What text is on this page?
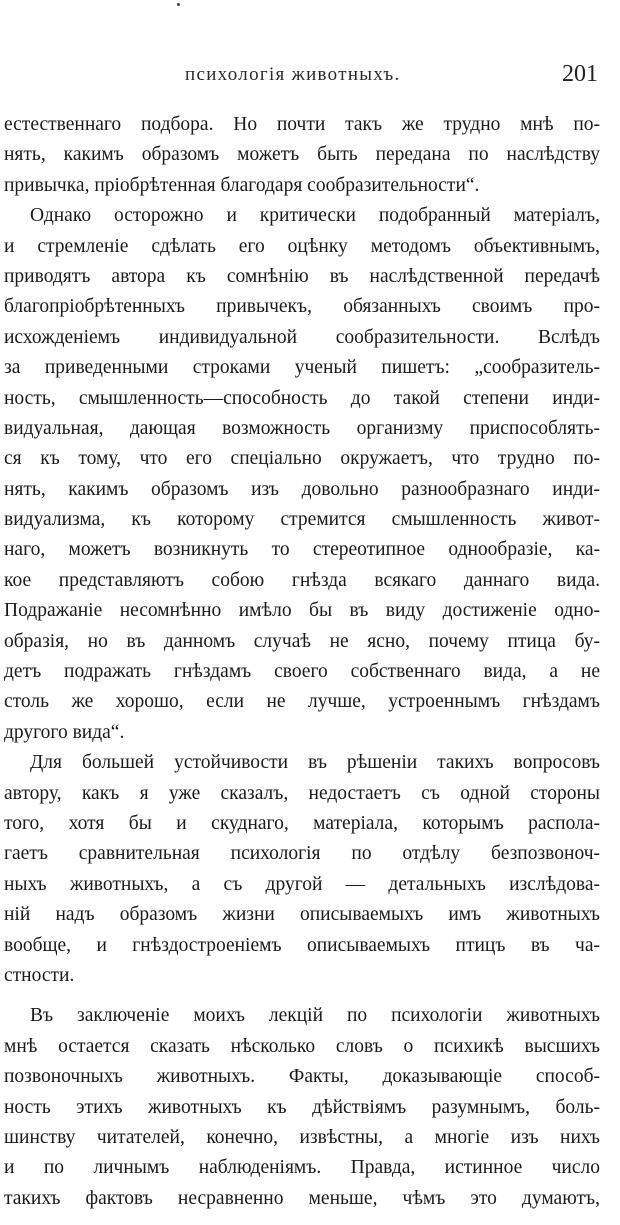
психологія животныхъ.	201
естественнаго подбора. Но почти такъ же трудно мнѣ по-
нять, какимъ образомъ можетъ быть передана по наслѣдству
привычка, пріобрѣтенная благодаря сообразительности“.
Однако осторожно и критически подобранный матеріалъ,
и стремленіе сдѣлать его оцѣнку методомъ объективнымъ,
приводятъ автора къ сомнѣнію въ наслѣдственной передачѣ
благопріобрѣтенныхъ привычекъ, обязанныхъ своимъ про-
исхожденіемъ индивидуальной сообразительности. Вслѣдъ
за приведенными строками ученый пишетъ: „сообразитель-
ность, смышленность—способность до такой степени инди-
видуальная, дающая возможность организму приспособлять-
ся къ тому, что его спеціально окружаетъ, что трудно по-
нять, какимъ образомъ изъ довольно разнообразнаго инди-
видуализма, къ которому стремится смышленность живот-
наго, можетъ возникнуть то стереотипное однообразіе, ка-
кое представляютъ собою гнѣзда всякаго даннаго вида.
Подражаніе несомнѣнно имѣло бы въ виду достиженіе одно-
образія, но въ данномъ случаѣ не ясно, почему птица бу-
детъ подражать гнѣздамъ своего собственнаго вида, а не
столь же хорошо, если не лучше, устроеннымъ гнѣздамъ
другого вида“.
Для большей устойчивости въ рѣшеніи такихъ вопросовъ
автору, какъ я уже сказалъ, недостаетъ съ одной стороны
того, хотя бы и скуднаго, матеріала, которымъ распола-
гаетъ сравнительная психологія по отдѣлу безпозвоноч-
ныхъ животныхъ, а съ другой — детальныхъ изслѣдова-
ній надъ образомъ жизни описываемыхъ имъ животныхъ
вообще, и гнѣздостроеніемъ описываемыхъ птицъ въ ча-
стности.
Въ заключеніе моихъ лекцій по психологіи животныхъ
мнѣ остается сказать нѣсколько словъ о психикѣ высшихъ
позвоночныхъ животныхъ. Факты, доказывающіе способ-
ность этихъ животныхъ къ дѣйствіямъ разумнымъ, боль-
шинству читателей, конечно, извѣстны, а многіе изъ нихъ
и по личнымъ наблюденіямъ. Правда, истинное число
такихъ фактовъ несравненно меньше, чѣмъ это думаютъ,
